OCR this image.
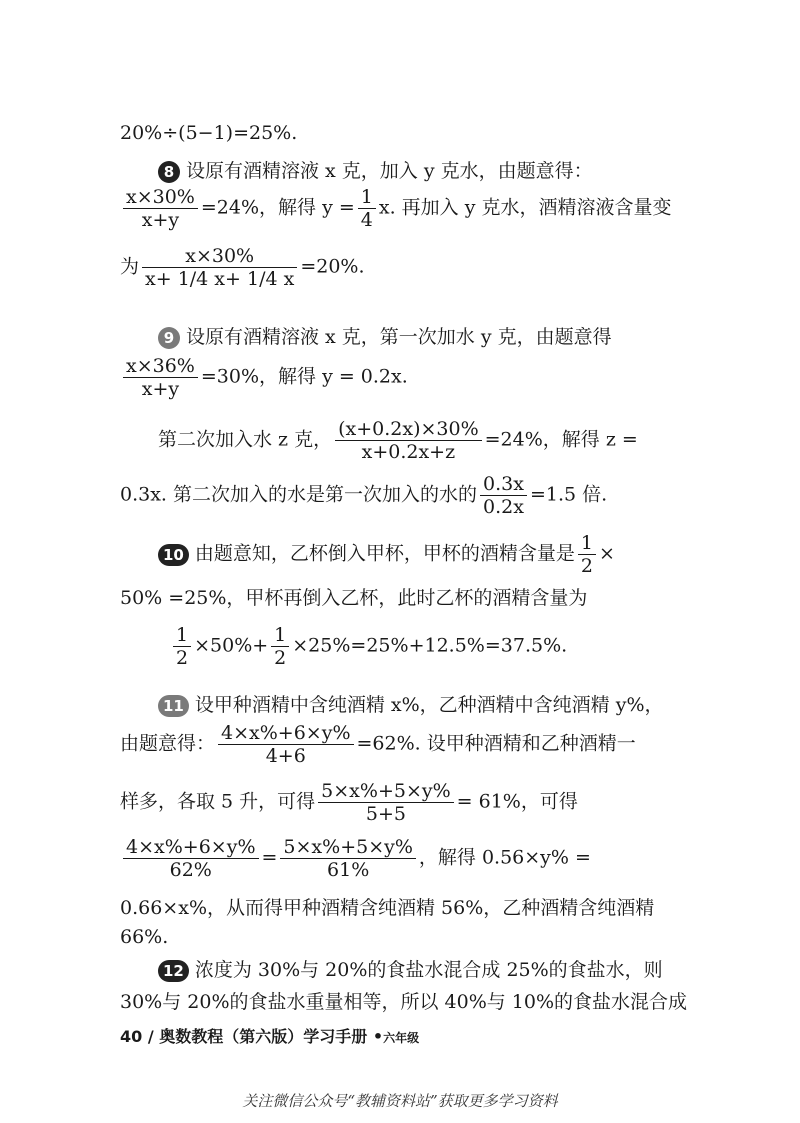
20%÷(5−1)=25%.
8 设原有酒精溶液 x 克，加入 y 克水，由题意得：
$\frac{x\times 30\%}{x+y} =24\%$，解得 $y = \frac{1}{4} x$. 再加入 y 克水，酒精溶液含量变
为 $\frac{x\times 30\%}{x+ 1/4 x+ 1/4 x} =20\%$.
9 设原有酒精溶液 x 克，第一次加水 y 克，由题意得
$\frac{x\times 36\%}{x+y} =30\%$，解得 y = 0.2x.
第二次加入水 z 克， $\frac{(x+0.2x)\times 30\%}{x+0.2x+z} =24\%$，解得 z =
0.3x. 第二次加入的水是第一次加入的水的 $\frac{0.3x}{0.2x} =1.5$ 倍.
10 由题意知，乙杯倒入甲杯，甲杯的酒精含量是 $\frac{1}{2}$ ×
50% =25%，甲杯再倒入乙杯，此时乙杯的酒精含量为
$\frac{1}{2} \times 50\%+ \frac{1}{2} \times 25\%=25\%+12.5\%=37.5\%$.
11 设甲种酒精中含纯酒精 x%，乙种酒精中含纯酒精 y%，
由题意得： $\frac{4\times x\%+6\times y\%}{4+6} =62\%$. 设甲种酒精和乙种酒精一
样多，各取 5 升，可得 $\frac{5\times x\%+5\times y\%}{5+5} = 61\%$，可得
$\frac{4\times x\%+6\times y\%}{62\%} = \frac{5\times x\%+5\times y\%}{61\%}$ ，解得 0.56×y% =
0.66×x%，从而得甲种酒精含纯酒精 56%，乙种酒精含纯酒精
66%.
12 浓度为 30%与 20%的食盐水混合成 25%的食盐水，则
30%与 20%的食盐水重量相等，所以 40%与 10%的食盐水混合成
40 / 奥数教程（第六版）学习手册 •六年级
关注微信公众号“教辅资料站”获取更多学习资料
